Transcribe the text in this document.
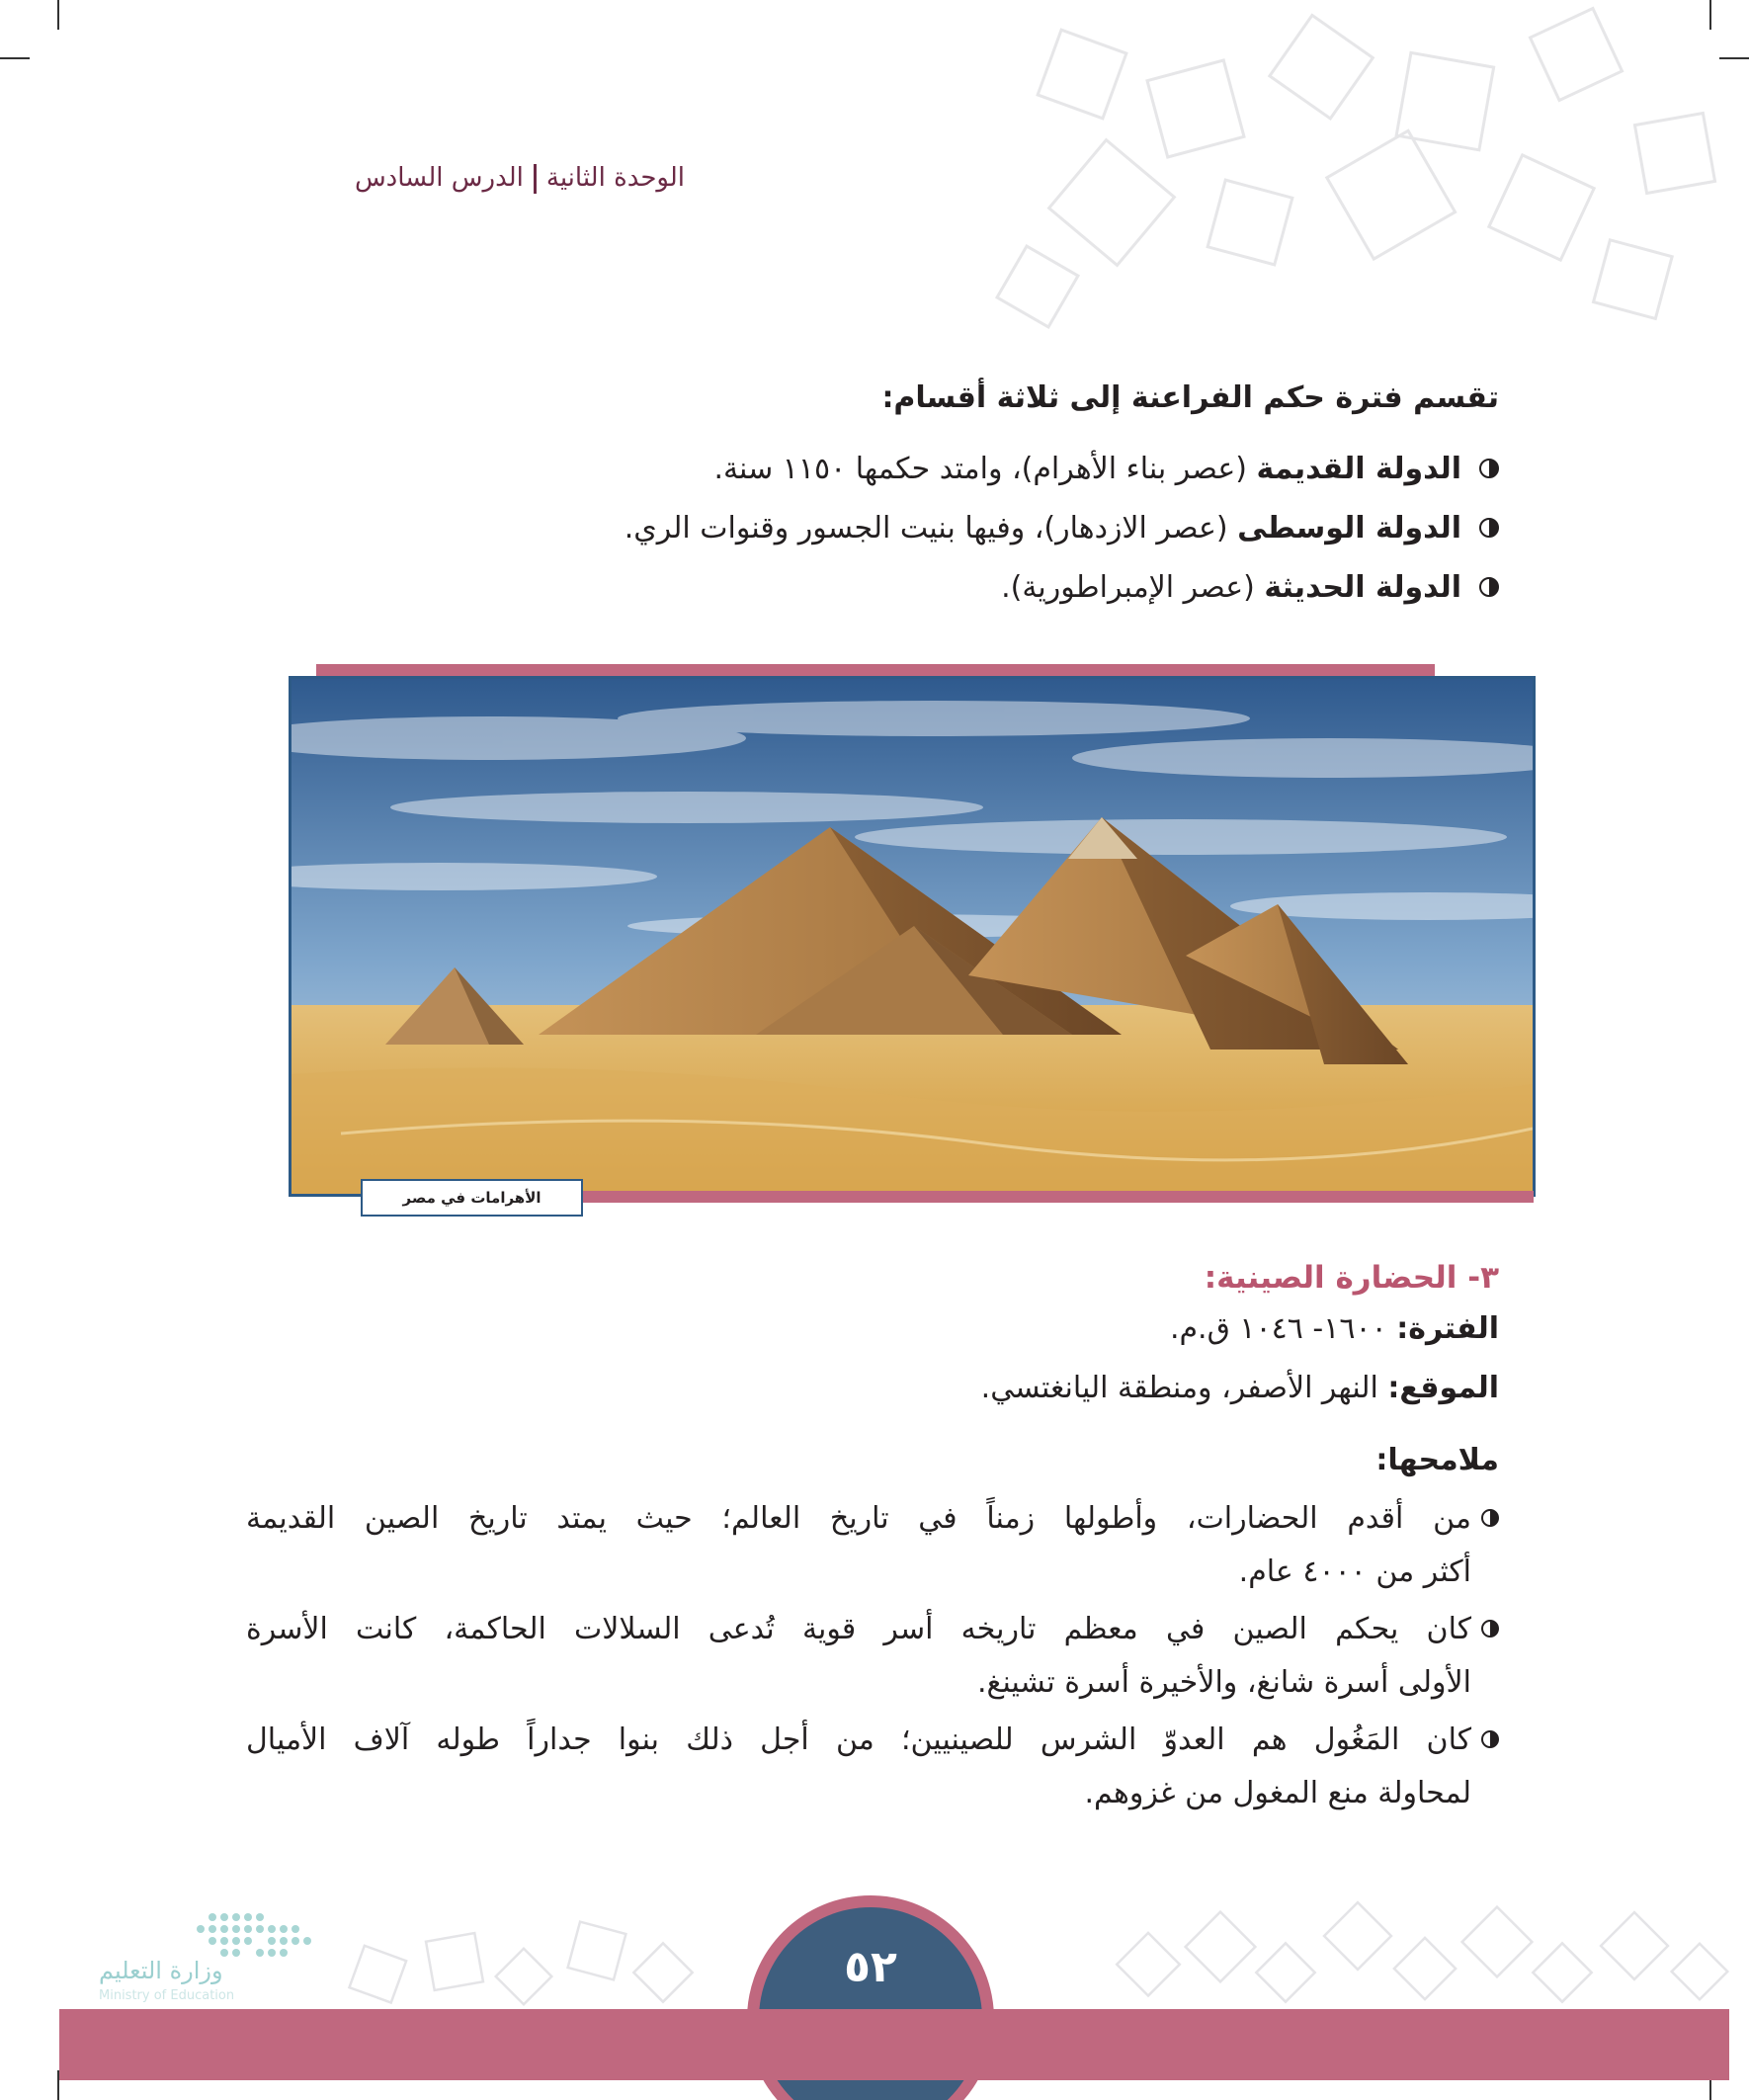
الوحدة الثانيةالدرس السادس
تقسم فترة حكم الفراعنة إلى ثلاثة أقسام:
الدولة القديمة (عصر بناء الأهرام)، وامتد حكمها ١١٥٠ سنة.
الدولة الوسطى (عصر الازدهار)، وفيها بنيت الجسور وقنوات الري.
الدولة الحديثة (عصر الإمبراطورية).
الأهرامات في مصر
٣- الحضارة الصينية:
الفترة: ١٦٠٠- ١٠٤٦ ق.م.
الموقع: النهر الأصفر، ومنطقة اليانغتسي.
ملامحها:
من أقدم الحضارات، وأطولها زمناً في تاريخ العالم؛ حيث يمتد تاريخ الصين القديمة
أكثر من ٤٠٠٠ عام.
كان يحكم الصين في معظم تاريخه أسر قوية تُدعى السلالات الحاكمة، كانت الأسرة
الأولى أسرة شانغ، والأخيرة أسرة تشينغ.
كان المَغُول هم العدوّ الشرس للصينيين؛ من أجل ذلك بنوا جداراً طوله آلاف الأميال
لمحاولة منع المغول من غزوهم.
وزارة التعليم
Ministry of Education
٥٢
